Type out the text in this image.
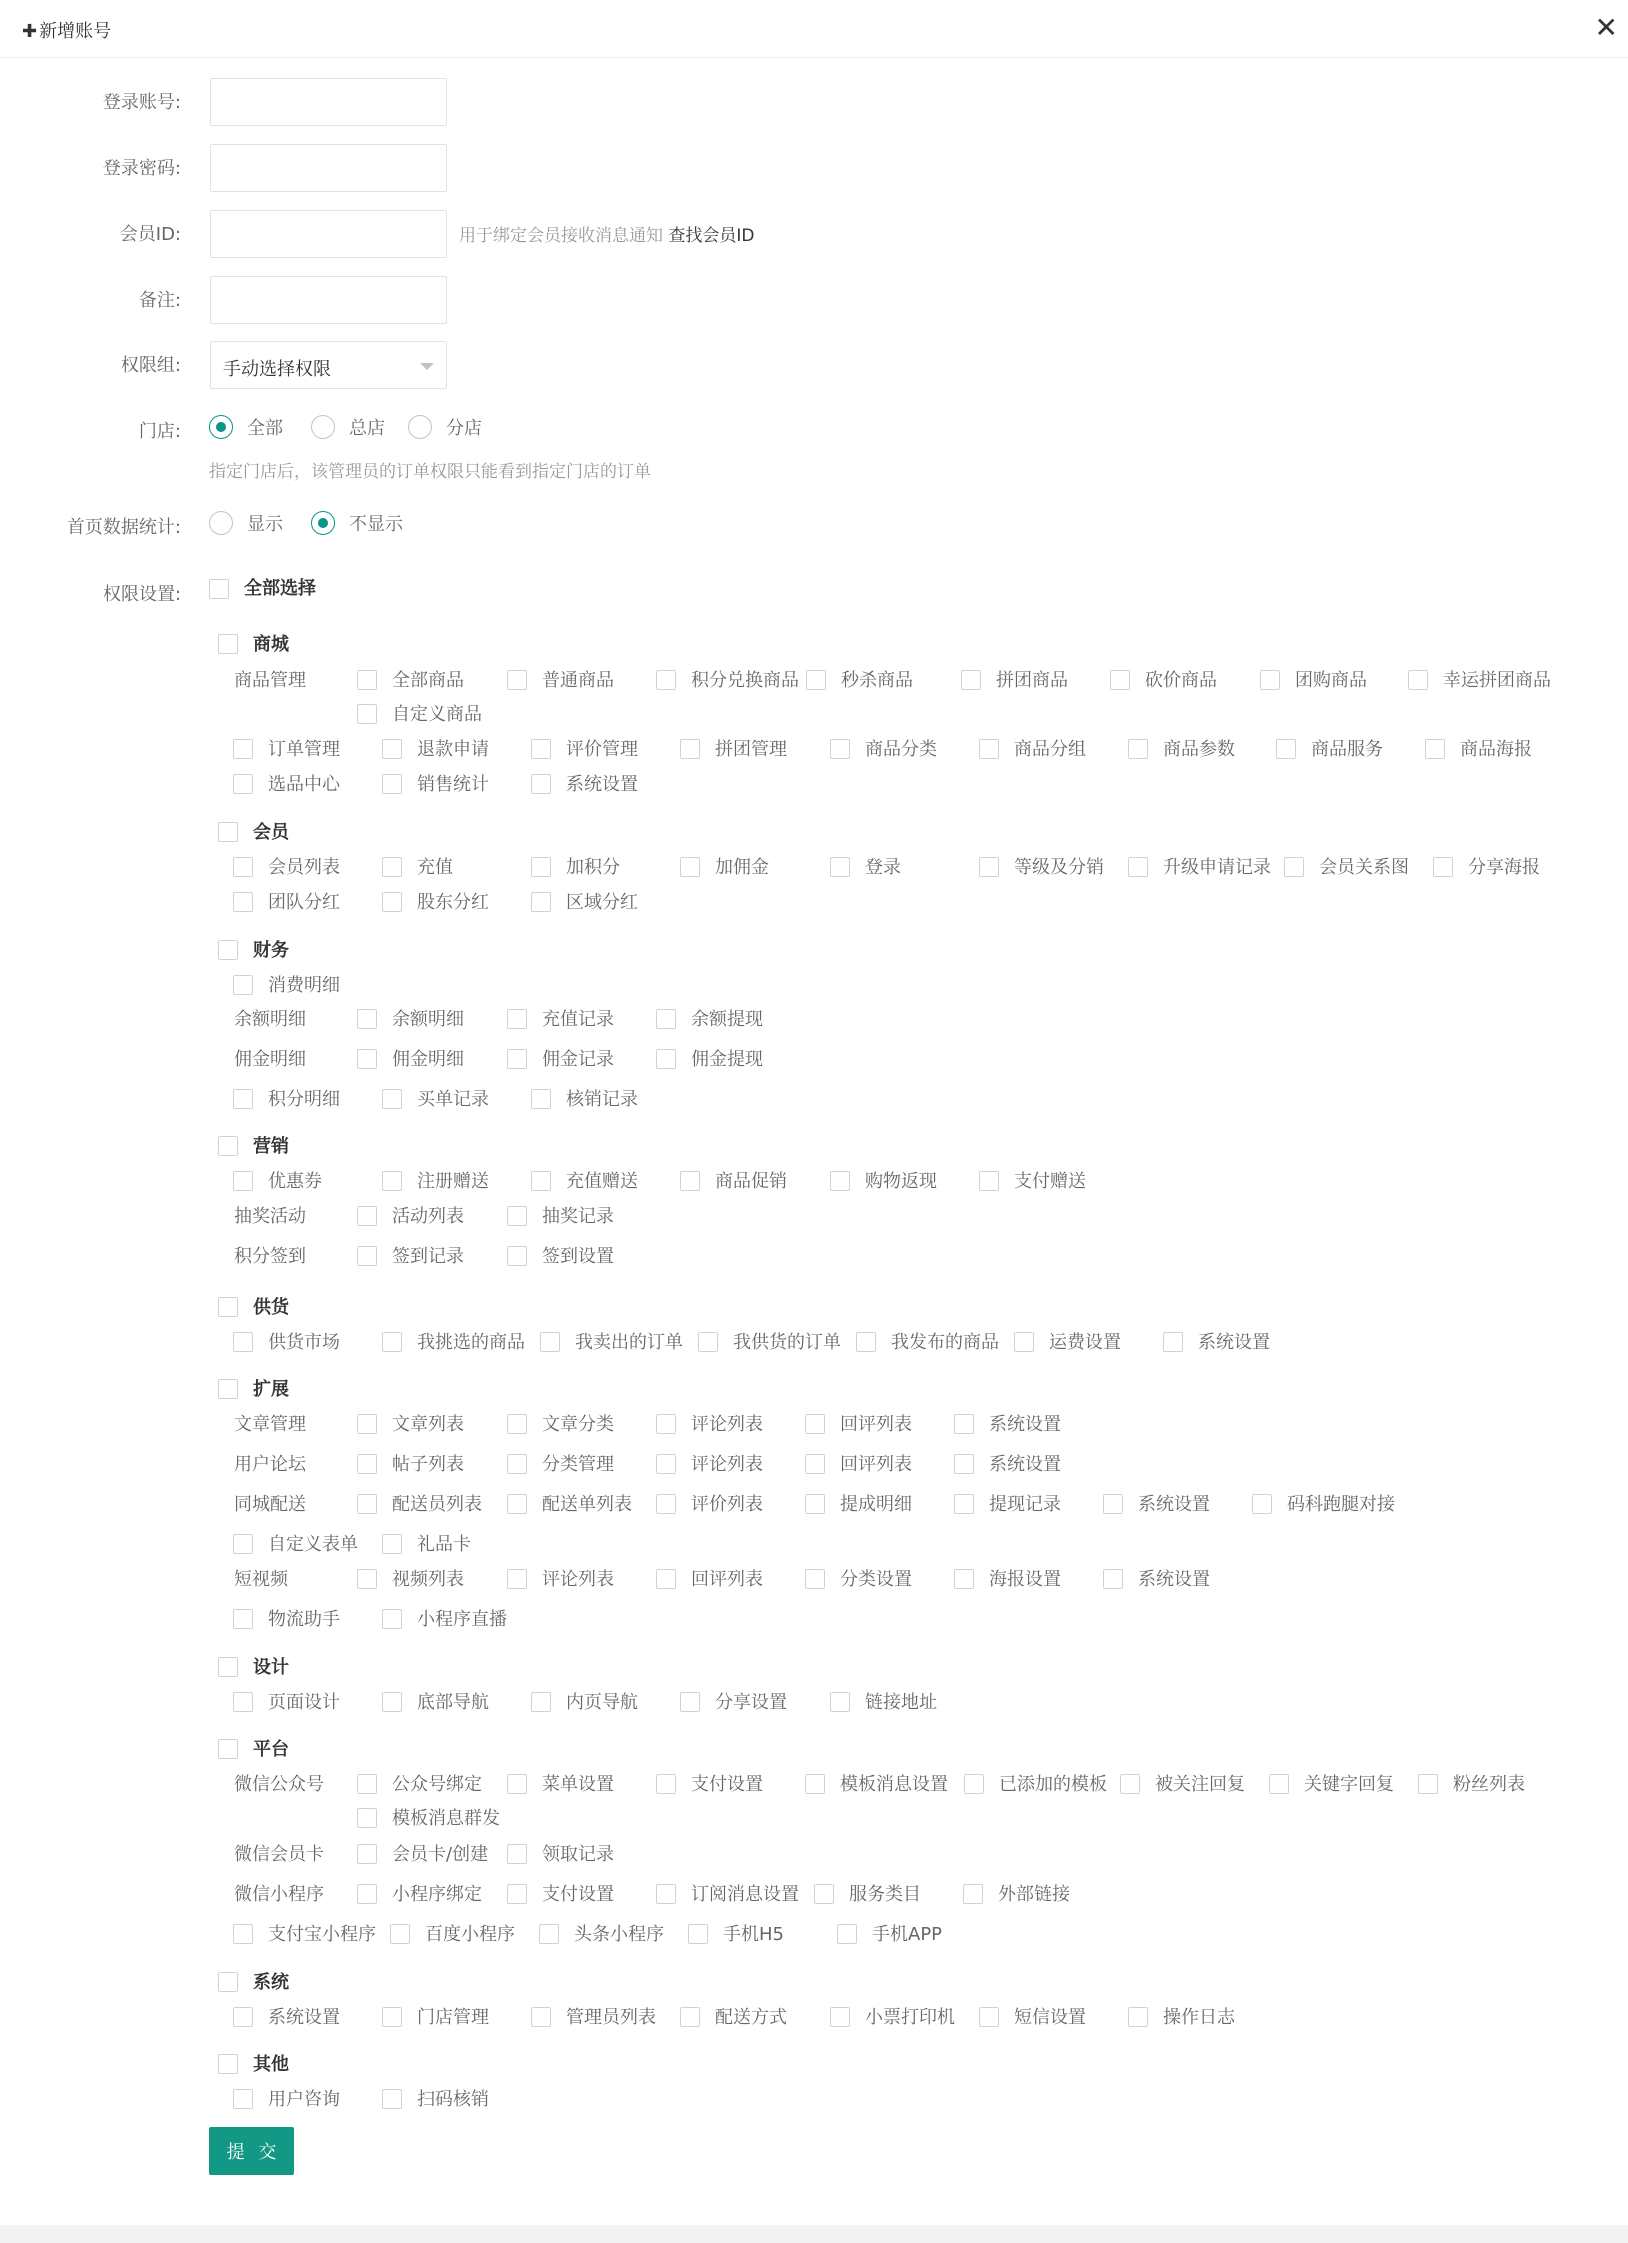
✚ 新增账号	✕
登录账号:
登录密码:
会员ID:	用于绑定会员接收消息通知 查找会员ID
备注:
权限组: 手动选择权限
门店:	全部	总店	分店
指定门店后，该管理员的订单权限只能看到指定门店的订单
首页数据统计:	显示	不显示
权限设置:	全部选择
商城
商品管理	全部商品	普通商品	积分兑换商品 秒杀商品	拼团商品	砍价商品	团购商品	幸运拼团商品
自定义商品
订单管理	退款申请	评价管理	拼团管理	商品分类	商品分组	商品参数	商品服务	商品海报
选品中心	销售统计	系统设置
会员
会员列表	充值	加积分	加佣金	登录	等级及分销	升级申请记录	会员关系图	分享海报
团队分红	股东分红	区域分红
财务
消费明细
余额明细	余额明细	充值记录	余额提现
佣金明细	佣金明细	佣金记录	佣金提现
积分明细	买单记录	核销记录
营销
优惠券	注册赠送	充值赠送	商品促销	购物返现	支付赠送
抽奖活动	活动列表	抽奖记录
积分签到	签到记录	签到设置
供货
供货市场	我挑选的商品	我卖出的订单	我供货的订单	我发布的商品	运费设置	系统设置
扩展
文章管理	文章列表	文章分类	评论列表	回评列表	系统设置
用户论坛	帖子列表	分类管理	评论列表	回评列表	系统设置
同城配送	配送员列表	配送单列表	评价列表	提成明细	提现记录	系统设置	码科跑腿对接
自定义表单	礼品卡
短视频	视频列表	评论列表	回评列表	分类设置	海报设置	系统设置
物流助手	小程序直播
设计
页面设计	底部导航	内页导航	分享设置	链接地址
平台
微信公众号	公众号绑定	菜单设置	支付设置	模板消息设置	已添加的模板	被关注回复	关键字回复	粉丝列表
模板消息群发
微信会员卡	会员卡/创建	领取记录
微信小程序	小程序绑定	支付设置	订阅消息设置	服务类目	外部链接
支付宝小程序	百度小程序	头条小程序	手机H5	手机APP
系统
系统设置	门店管理	管理员列表	配送方式	小票打印机	短信设置	操作日志
其他
用户咨询	扫码核销
提 交
